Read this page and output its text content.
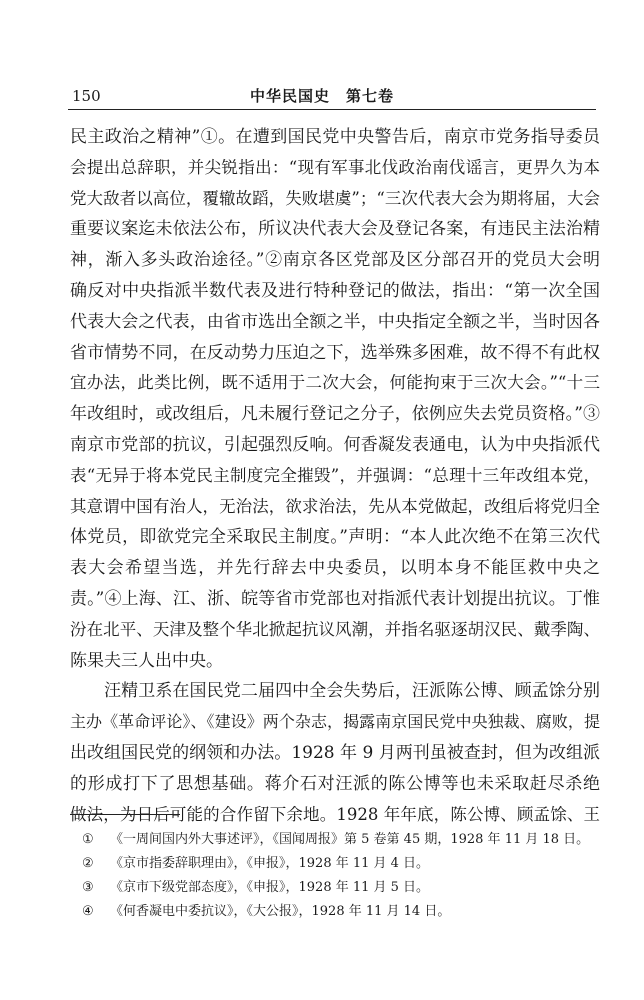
150	中华民国史　第七卷
民主政治之精神”①。在遭到国民党中央警告后，南京市党务指导委员
会提出总辞职，并尖锐指出：“现有军事北伐政治南伐谣言，更畀久为本
党大敌者以高位，覆辙故蹈，失败堪虞”；“三次代表大会为期将届，大会
重要议案迄未依法公布，所议决代表大会及登记各案，有违民主法治精
神，渐入多头政治途径。”②南京各区党部及区分部召开的党员大会明
确反对中央指派半数代表及进行特种登记的做法，指出：“第一次全国
代表大会之代表，由省市选出全额之半，中央指定全额之半，当时因各
省市情势不同，在反动势力压迫之下，选举殊多困难，故不得不有此权
宜办法，此类比例，既不适用于二次大会，何能拘束于三次大会。”“十三
年改组时，或改组后，凡未履行登记之分子，依例应失去党员资格。”③
南京市党部的抗议，引起强烈反响。何香凝发表通电，认为中央指派代
表“无异于将本党民主制度完全摧毁”，并强调：“总理十三年改组本党，
其意谓中国有治人，无治法，欲求治法，先从本党做起，改组后将党归全
体党员，即欲党完全采取民主制度。”声明：“本人此次绝不在第三次代
表大会希望当选，并先行辞去中央委员，以明本身不能匡救中央之
责。”④上海、江、浙、皖等省市党部也对指派代表计划提出抗议。丁惟
汾在北平、天津及整个华北掀起抗议风潮，并指名驱逐胡汉民、戴季陶、
陈果夫三人出中央。
汪精卫系在国民党二届四中全会失势后，汪派陈公博、顾孟馀分别
主办《革命评论》、《建设》两个杂志，揭露南京国民党中央独裁、腐败，提
出改组国民党的纲领和办法。1928 年 9 月两刊虽被查封，但为改组派
的形成打下了思想基础。蒋介石对汪派的陈公博等也未采取赶尽杀绝
做法，为日后可能的合作留下余地。1928 年年底，陈公博、顾孟馀、王
① 《一周间国内外大事述评》，《国闻周报》第 5 卷第 45 期，1928 年 11 月 18 日。
② 《京市指委辞职理由》，《申报》，1928 年 11 月 4 日。
③ 《京市下级党部态度》，《申报》，1928 年 11 月 5 日。
④ 《何香凝电中委抗议》，《大公报》，1928 年 11 月 14 日。
